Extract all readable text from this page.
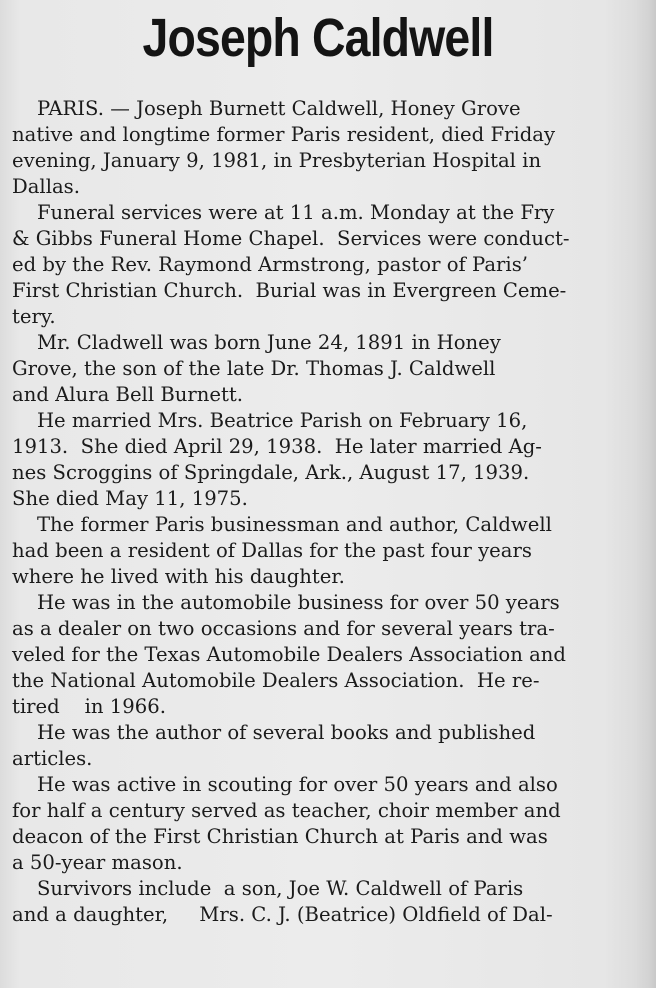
Joseph Caldwell
PARIS. — Joseph Burnett Caldwell, Honey Grove
native and longtime former Paris resident, died Friday
evening, January 9, 1981, in Presbyterian Hospital in
Dallas.
Funeral services were at 11 a.m. Monday at the Fry
& Gibbs Funeral Home Chapel.  Services were conduct-
ed by the Rev. Raymond Armstrong, pastor of Paris’
First Christian Church.  Burial was in Evergreen Ceme-
tery.
Mr. Cladwell was born June 24, 1891 in Honey
Grove, the son of the late Dr. Thomas J. Caldwell
and Alura Bell Burnett.
He married Mrs. Beatrice Parish on February 16,
1913.  She died April 29, 1938.  He later married Ag-
nes Scroggins of Springdale, Ark., August 17, 1939.
She died May 11, 1975.
The former Paris businessman and author, Caldwell
had been a resident of Dallas for the past four years
where he lived with his daughter.
He was in the automobile business for over 50 years
as a dealer on two occasions and for several years tra-
veled for the Texas Automobile Dealers Association and
the National Automobile Dealers Association.  He re-
tired    in 1966.
He was the author of several books and published
articles.
He was active in scouting for over 50 years and also
for half a century served as teacher, choir member and
deacon of the First Christian Church at Paris and was
a 50-year mason.
Survivors include  a son, Joe W. Caldwell of Paris
and a daughter,     Mrs. C. J. (Beatrice) Oldfield of Dal-
